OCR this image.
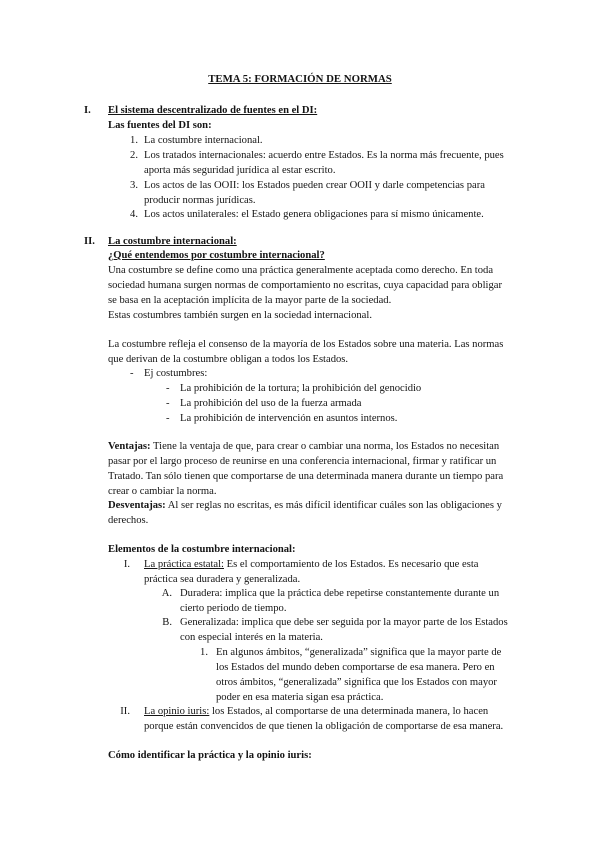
TEMA 5: FORMACIÓN DE NORMAS
I. El sistema descentralizado de fuentes en el DI:
Las fuentes del DI son:
1. La costumbre internacional.
2. Los tratados internacionales: acuerdo entre Estados. Es la norma más frecuente, pues aporta más seguridad jurídica al estar escrito.
3. Los actos de las OOII: los Estados pueden crear OOII y darle competencias para producir normas jurídicas.
4. Los actos unilaterales: el Estado genera obligaciones para sí mismo únicamente.
II. La costumbre internacional:
¿Qué entendemos por costumbre internacional?

Una costumbre se define como una práctica generalmente aceptada como derecho. En toda sociedad humana surgen normas de comportamiento no escritas, cuya capacidad para obligar se basa en la aceptación implícita de la mayor parte de la sociedad.

Estas costumbres también surgen en la sociedad internacional.

La costumbre refleja el consenso de la mayoría de los Estados sobre una materia. Las normas que derivan de la costumbre obligan a todos los Estados.

- Ej costumbres:
- La prohibición de la tortura; la prohibición del genocidio
- La prohibición del uso de la fuerza armada
- La prohibición de intervención en asuntos internos.

Ventajas: Tiene la ventaja de que, para crear o cambiar una norma, los Estados no necesitan pasar por el largo proceso de reunirse en una conferencia internacional, firmar y ratificar un Tratado. Tan sólo tienen que comportarse de una determinada manera durante un tiempo para crear o cambiar la norma.

Desventajas: Al ser reglas no escritas, es más difícil identificar cuáles son las obligaciones y derechos.

Elementos de la costumbre internacional:
I. La práctica estatal: Es el comportamiento de los Estados. Es necesario que esta práctica sea duradera y generalizada.

A. Duradera: implica que la práctica debe repetirse constantemente durante un cierto periodo de tiempo.

B. Generalizada: implica que debe ser seguida por la mayor parte de los Estados con especial interés en la materia.

1. En algunos ámbitos, “generalizada” significa que la mayor parte de los Estados del mundo deben comportarse de esa manera. Pero en otros ámbitos, “generalizada” significa que los Estados con mayor poder en esa materia sigan esa práctica.

II. La opinio iuris: los Estados, al comportarse de una determinada manera, lo hacen porque están convencidos de que tienen la obligación de comportarse de esa manera.

Cómo identificar la práctica y la opinio iuris:
